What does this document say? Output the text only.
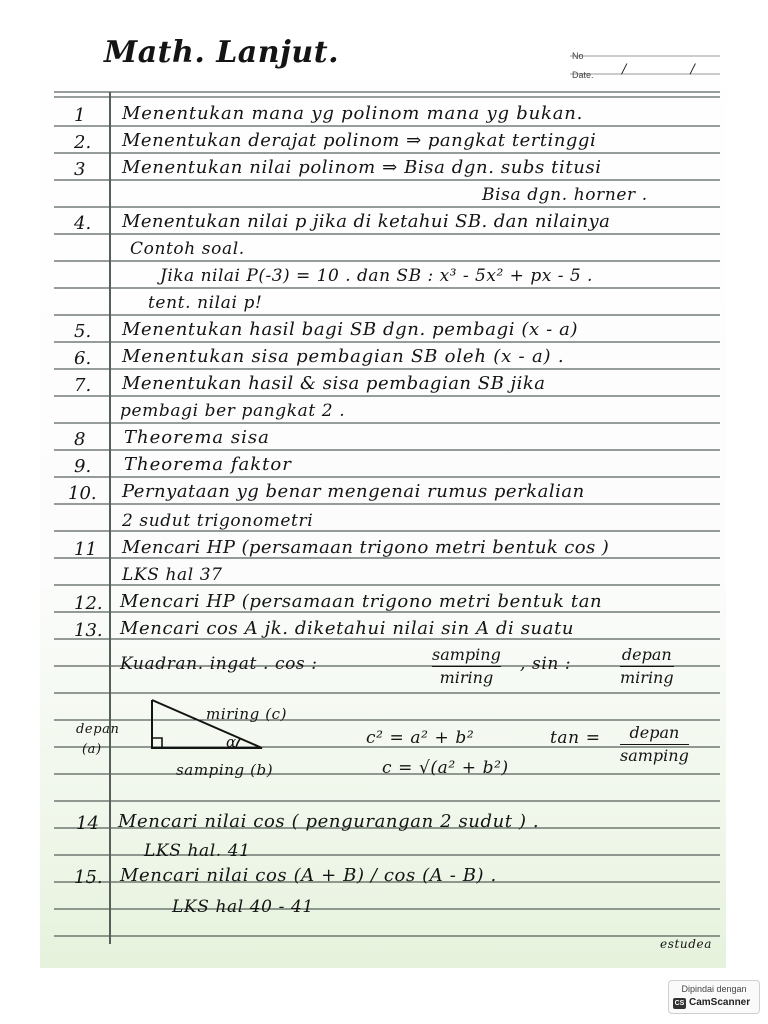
Math. Lanjut.	No
Date. / /
1 Menentukan mana yg polinom mana yg bukan.
2. Menentukan derajat polinom ⇒ pangkat tertinggi
3 Menentukan nilai polinom ⇒ Bisa dgn. subs titusi
Bisa dgn. horner .
4. Menentukan nilai p jika di ketahui SB. dan nilainya
Contoh soal.
Jika nilai P(-3) = 10 . dan SB : x³ - 5x² + px - 5 .
tent. nilai p!
5. Menentukan hasil bagi SB dgn. pembagi (x - a)
6. Menentukan sisa pembagian SB oleh (x - a) .
7. Menentukan hasil & sisa pembagian SB jika
pembagi ber pangkat 2 .
8 Theorema sisa
9. Theorema faktor
10. Pernyataan yg benar mengenai rumus perkalian
2 sudut trigonometri
11 Mencari HP (persamaan trigono metri bentuk cos )
LKS hal 37
12. Mencari HP (persamaan trigono metri bentuk tan
13. Mencari cos A jk. diketahui nilai sin A di suatu
Kuadran. ingat . cos :	, sin :
samping
miring
depan
miring
miring (c)
depan
(a)	α
samping (b)
c² = a² + b²
c = √(a² + b²)
tan = depan
samping
14 Mencari nilai cos ( pengurangan 2 sudut ) .
LKS hal. 41
15. Mencari nilai cos (A + B) / cos (A - B) .
LKS hal 40 - 41
estudea
Dipindai dengan
CS CamScanner
